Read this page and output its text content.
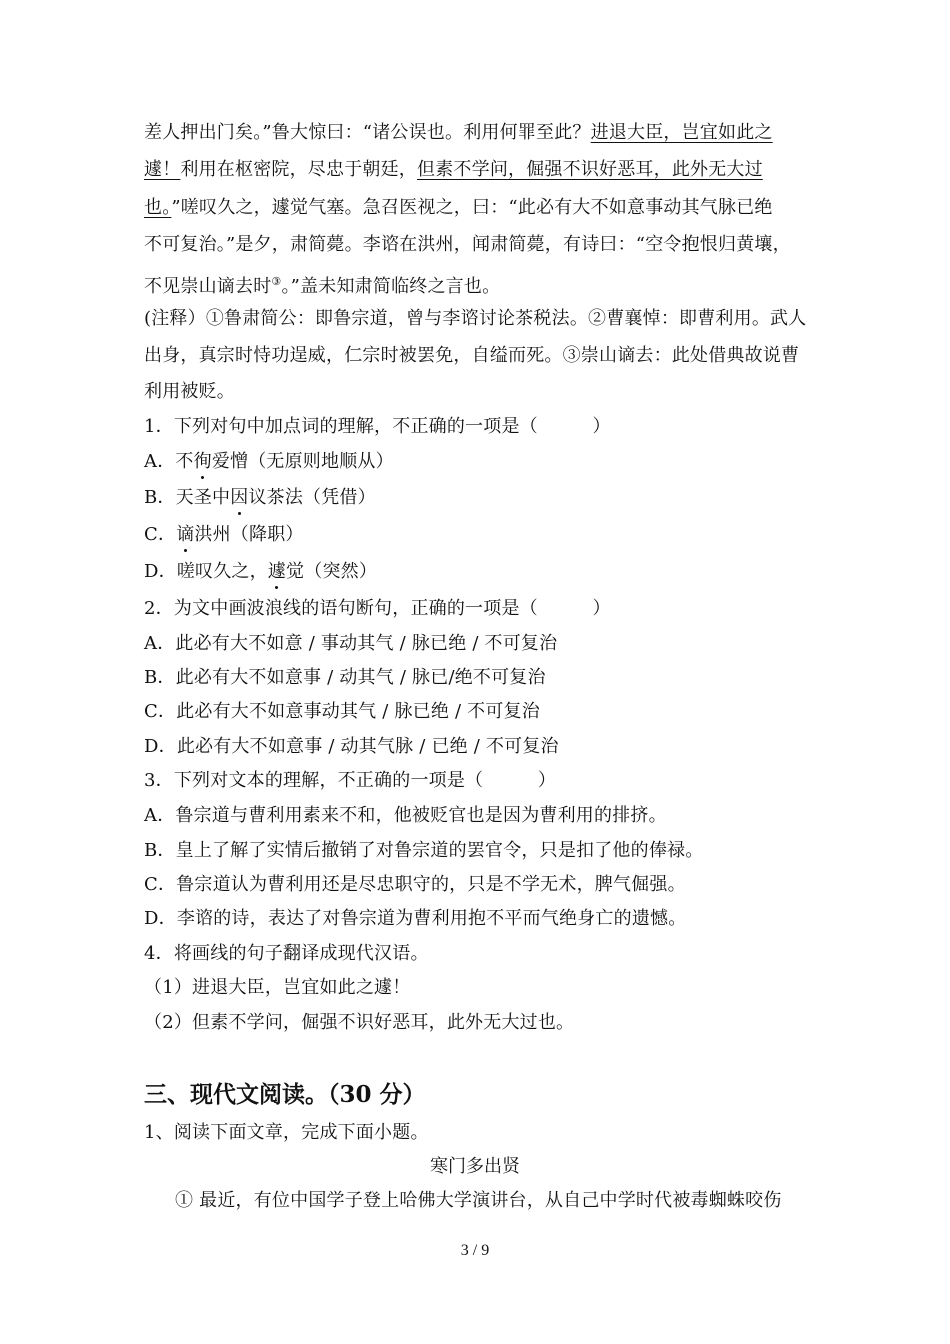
差人押出门矣。”鲁大惊曰：“诸公误也。利用何罪至此？进退大臣，岂宜如此之
遽！利用在枢密院，尽忠于朝廷，但素不学问，倔强不识好恶耳，此外无大过
也。”嗟叹久之，遽觉气塞。急召医视之，曰：“此必有大不如意事动其气脉已绝
不可复治。”是夕，肃简薨。李谘在洪州，闻肃简薨，有诗曰：“空令抱恨归黄壤，
不见崇山谪去时③。”盖未知肃简临终之言也。
(注释）①鲁肃简公：即鲁宗道，曾与李谘讨论茶税法。②曹襄悼：即曹利用。武人
出身，真宗时恃功逞威，仁宗时被罢免，自缢而死。③崇山谪去：此处借典故说曹
利用被贬。
1．下列对句中加点词的理解，不正确的一项是（　　　）
A．不徇爱憎（无原则地顺从）
B．天圣中因议茶法（凭借）
C．谪洪州（降职）
D．嗟叹久之，遽觉（突然）
2．为文中画波浪线的语句断句，正确的一项是（　　　）
A．此必有大不如意 / 事动其气 / 脉已绝 / 不可复治
B．此必有大不如意事 / 动其气 / 脉已/绝不可复治
C．此必有大不如意事动其气 / 脉已绝 / 不可复治
D．此必有大不如意事 / 动其气脉 / 已绝 / 不可复治
3．下列对文本的理解，不正确的一项是（　　　）
A．鲁宗道与曹利用素来不和，他被贬官也是因为曹利用的排挤。
B．皇上了解了实情后撤销了对鲁宗道的罢官令，只是扣了他的俸禄。
C．鲁宗道认为曹利用还是尽忠职守的，只是不学无术，脾气倔强。
D．李谘的诗，表达了对鲁宗道为曹利用抱不平而气绝身亡的遗憾。
4．将画线的句子翻译成现代汉语。
（1）进退大臣，岂宜如此之遽！
（2）但素不学问，倔强不识好恶耳，此外无大过也。
三、现代文阅读。（30 分）
1、阅读下面文章，完成下面小题。
寒门多出贤
① 最近，有位中国学子登上哈佛大学演讲台，从自己中学时代被毒蜘蛛咬伤
3 / 9
